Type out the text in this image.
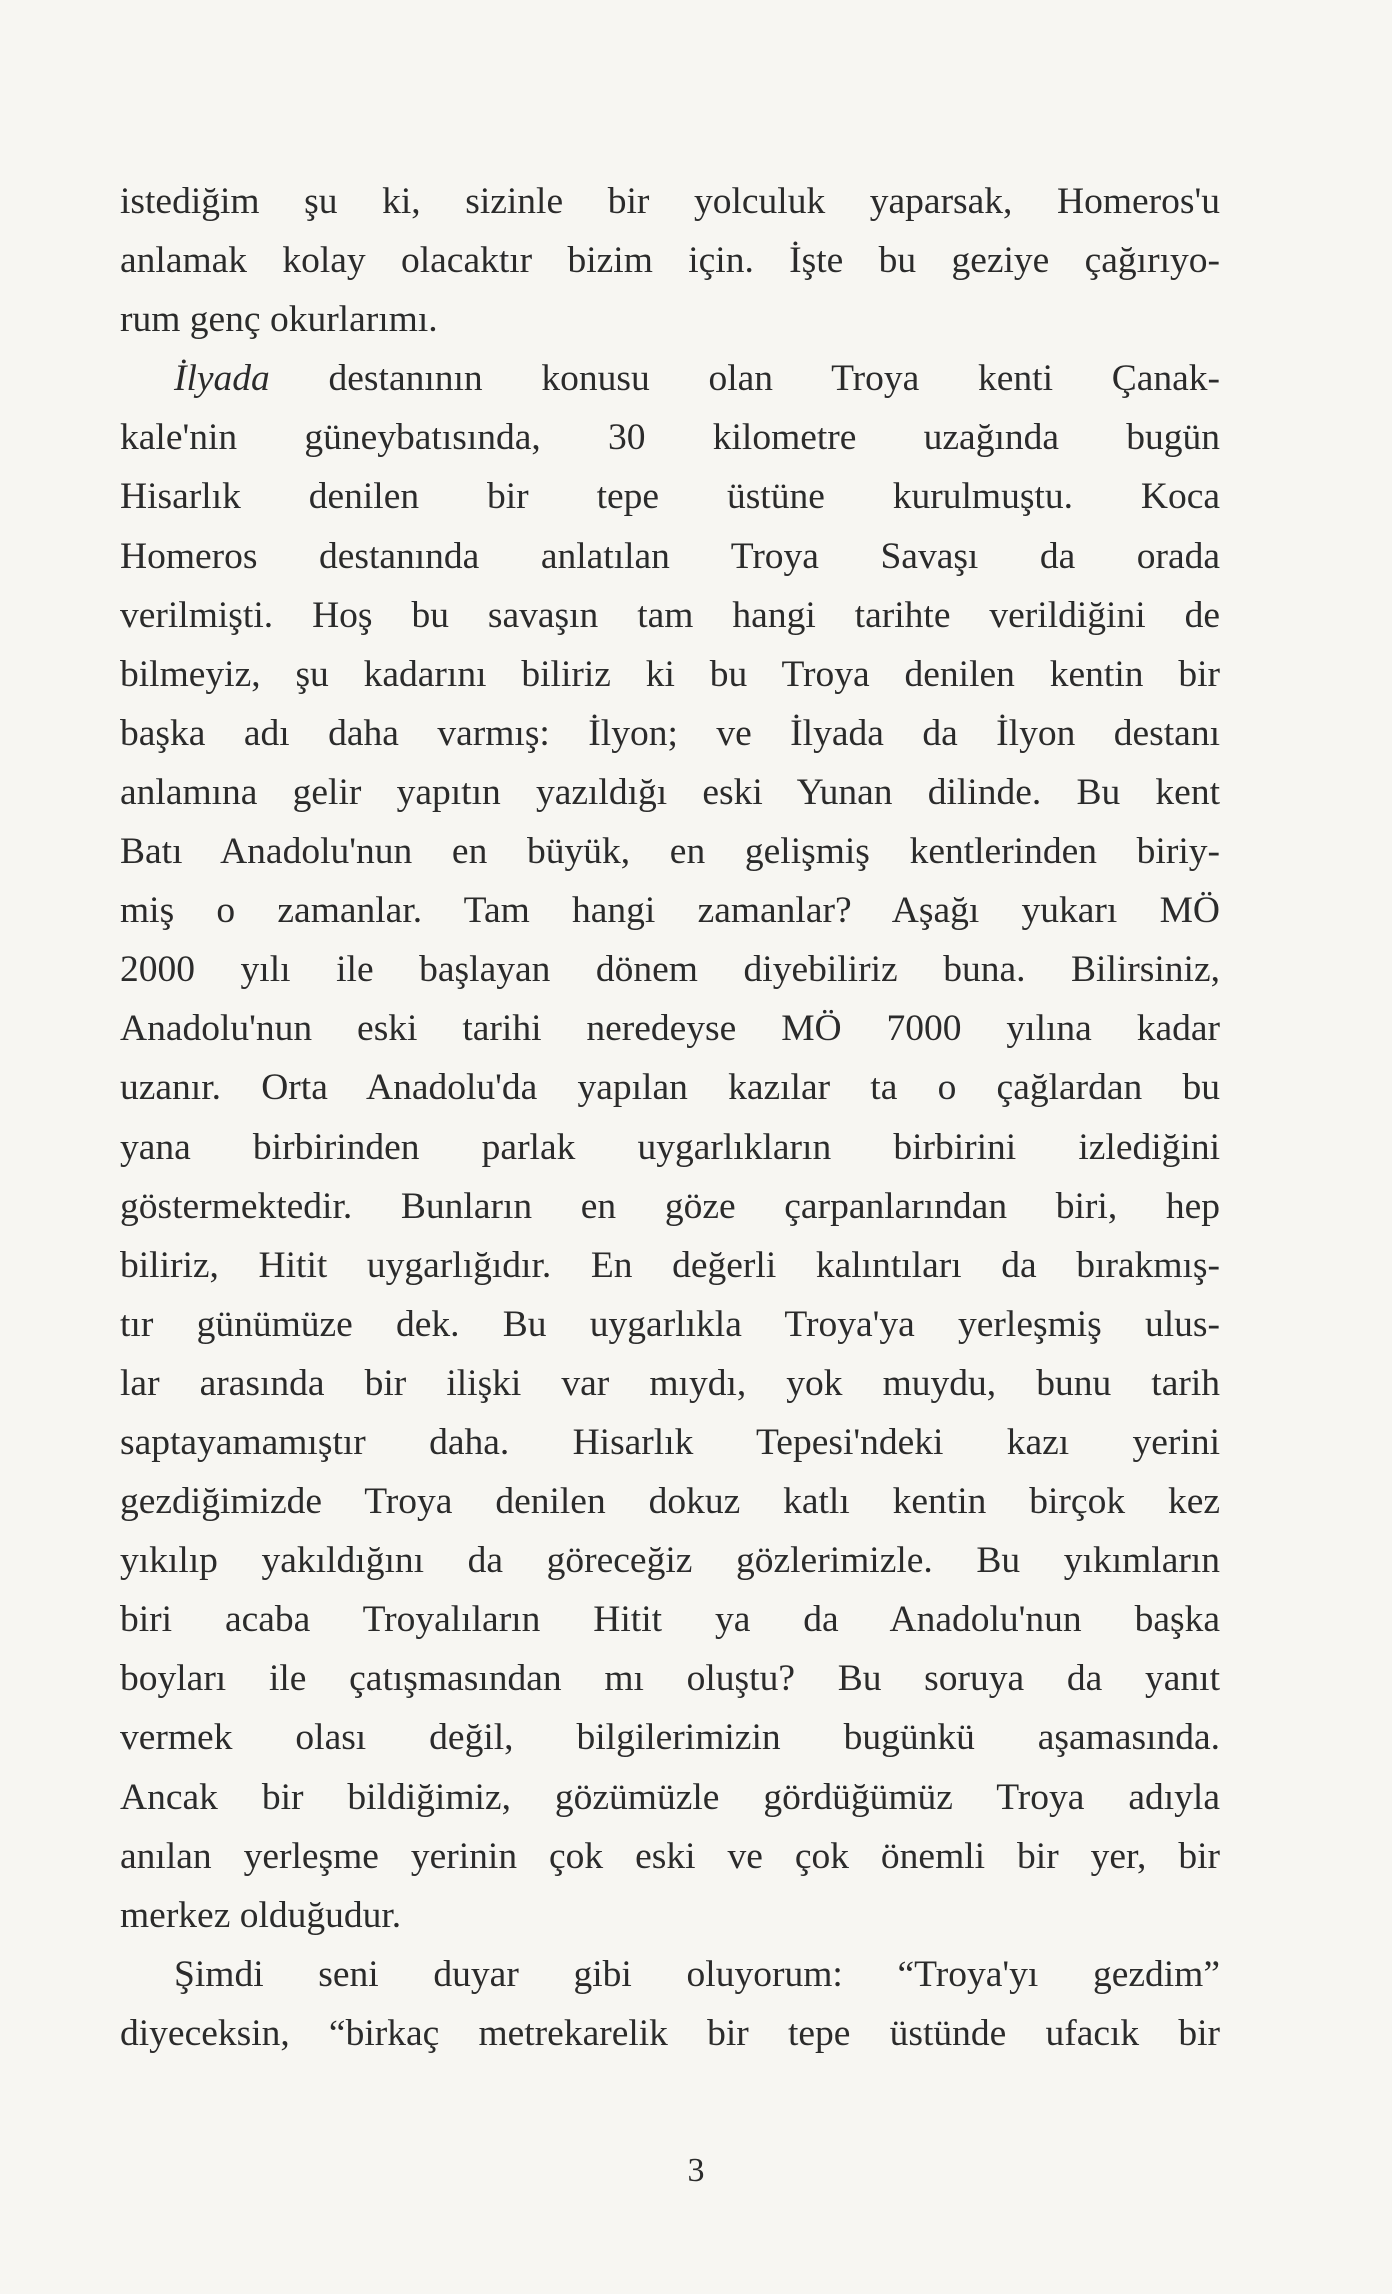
istediğim şu ki, sizinle bir yolculuk yaparsak, Homeros'u
anlamak kolay olacaktır bizim için. İşte bu geziye çağırıyo-
rum genç okurlarımı.
İlyada destanının konusu olan Troya kenti Çanak-
kale'nin güneybatısında, 30 kilometre uzağında bugün
Hisarlık denilen bir tepe üstüne kurulmuştu. Koca
Homeros destanında anlatılan Troya Savaşı da orada
verilmişti. Hoş bu savaşın tam hangi tarihte verildiğini de
bilmeyiz, şu kadarını biliriz ki bu Troya denilen kentin bir
başka adı daha varmış: İlyon; ve İlyada da İlyon destanı
anlamına gelir yapıtın yazıldığı eski Yunan dilinde. Bu kent
Batı Anadolu'nun en büyük, en gelişmiş kentlerinden biriy-
miş o zamanlar. Tam hangi zamanlar? Aşağı yukarı MÖ
2000 yılı ile başlayan dönem diyebiliriz buna. Bilirsiniz,
Anadolu'nun eski tarihi neredeyse MÖ 7000 yılına kadar
uzanır. Orta Anadolu'da yapılan kazılar ta o çağlardan bu
yana birbirinden parlak uygarlıkların birbirini izlediğini
göstermektedir. Bunların en göze çarpanlarından biri, hep
biliriz, Hitit uygarlığıdır. En değerli kalıntıları da bırakmış-
tır günümüze dek. Bu uygarlıkla Troya'ya yerleşmiş ulus-
lar arasında bir ilişki var mıydı, yok muydu, bunu tarih
saptayamamıştır daha. Hisarlık Tepesi'ndeki kazı yerini
gezdiğimizde Troya denilen dokuz katlı kentin birçok kez
yıkılıp yakıldığını da göreceğiz gözlerimizle. Bu yıkımların
biri acaba Troyalıların Hitit ya da Anadolu'nun başka
boyları ile çatışmasından mı oluştu? Bu soruya da yanıt
vermek olası değil, bilgilerimizin bugünkü aşamasında.
Ancak bir bildiğimiz, gözümüzle gördüğümüz Troya adıyla
anılan yerleşme yerinin çok eski ve çok önemli bir yer, bir
merkez olduğudur.
Şimdi seni duyar gibi oluyorum: “Troya'yı gezdim”
diyeceksin, “birkaç metrekarelik bir tepe üstünde ufacık bir
3
